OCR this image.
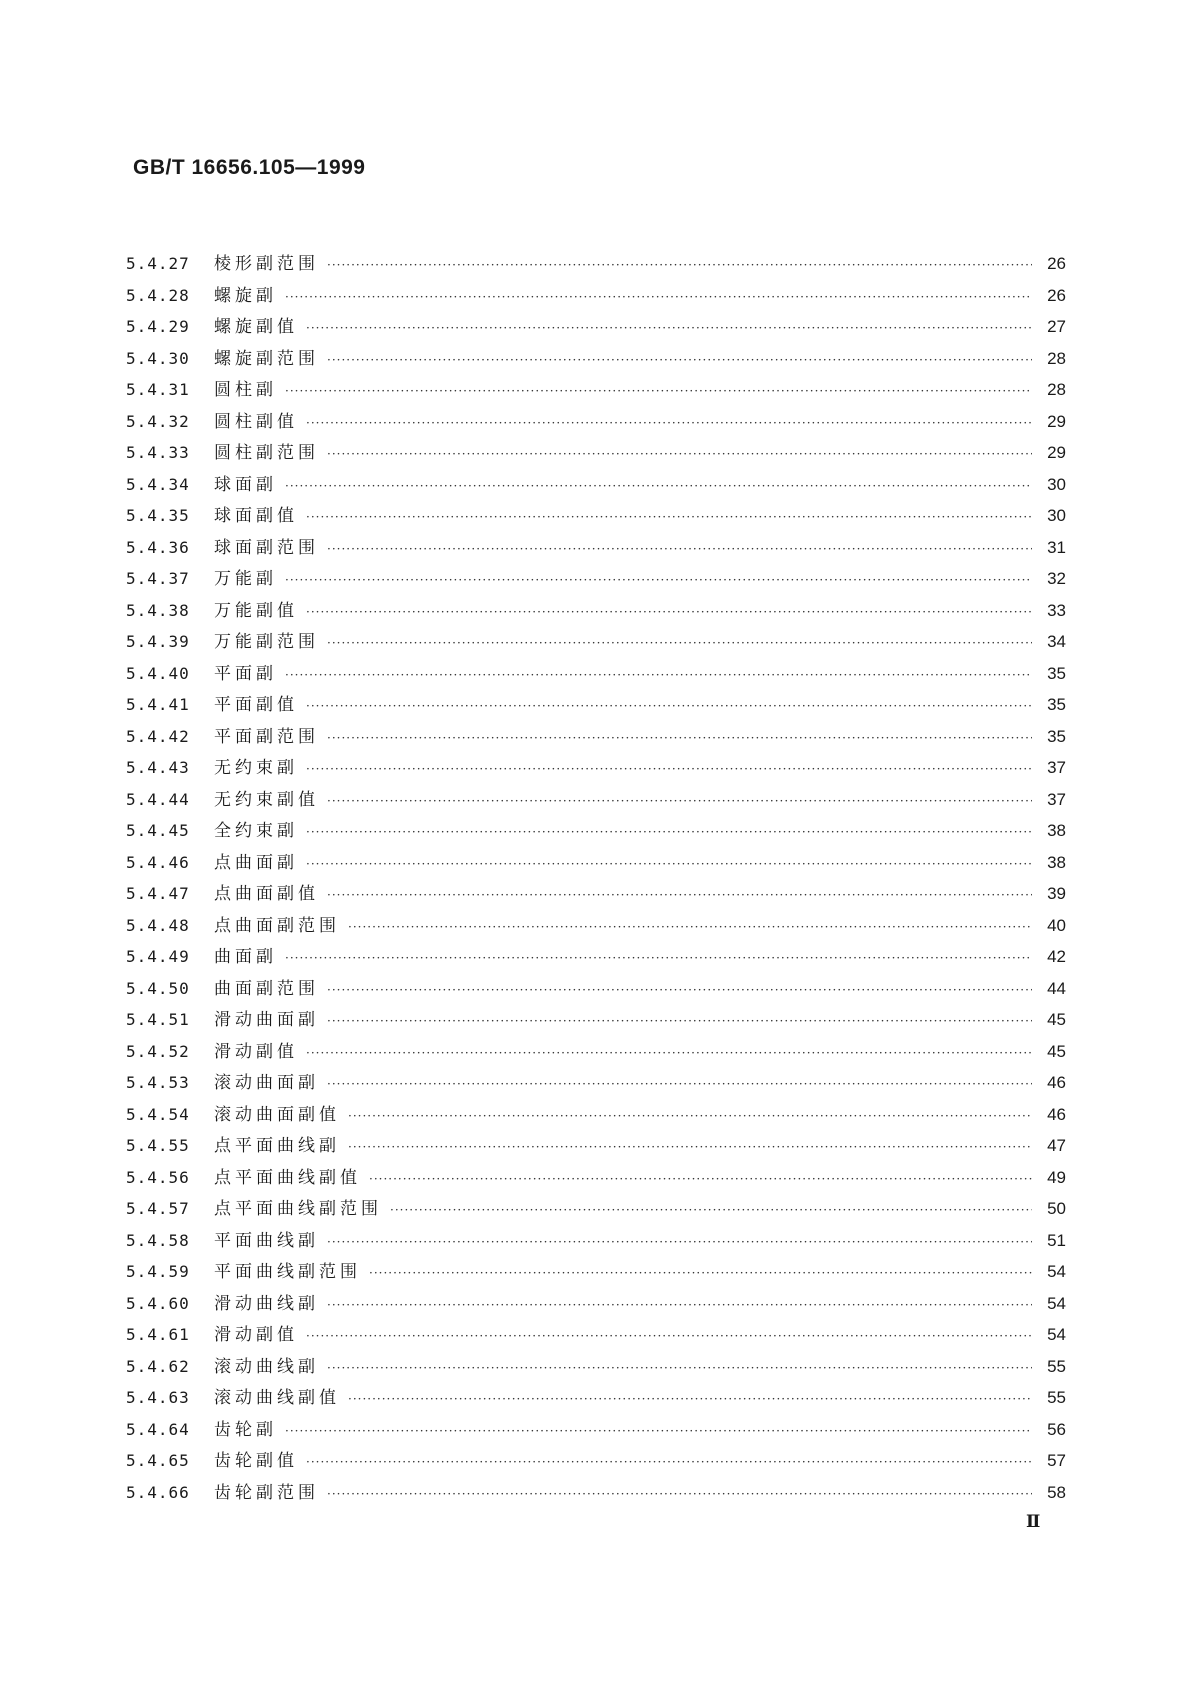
GB/T 16656.105—1999
5.4.27	棱形副范围 ·····	26
5.4.28	螺旋副 ·····	26
5.4.29	螺旋副值 ·····	27
5.4.30	螺旋副范围 ·····	28
5.4.31	圆柱副 ·····	28
5.4.32	圆柱副值 ·····	29
5.4.33	圆柱副范围 ·····	29
5.4.34	球面副 ·····	30
5.4.35	球面副值 ·····	30
5.4.36	球面副范围 ·····	31
5.4.37	万能副 ·····	32
5.4.38	万能副值 ·····	33
5.4.39	万能副范围 ·····	34
5.4.40	平面副 ·····	35
5.4.41	平面副值 ·····	35
5.4.42	平面副范围 ·····	35
5.4.43	无约束副 ·····	37
5.4.44	无约束副值 ·····	37
5.4.45	全约束副 ·····	38
5.4.46	点曲面副 ·····	38
5.4.47	点曲面副值 ·····	39
5.4.48	点曲面副范围 ·····	40
5.4.49	曲面副 ·····	42
5.4.50	曲面副范围 ·····	44
5.4.51	滑动曲面副 ·····	45
5.4.52	滑动副值 ·····	45
5.4.53	滚动曲面副 ·····	46
5.4.54	滚动曲面副值 ·····	46
5.4.55	点平面曲线副 ·····	47
5.4.56	点平面曲线副值 ·····	49
5.4.57	点平面曲线副范围 ·····	50
5.4.58	平面曲线副 ·····	51
5.4.59	平面曲线副范围 ·····	54
5.4.60	滑动曲线副 ·····	54
5.4.61	滑动副值 ·····	54
5.4.62	滚动曲线副 ·····	55
5.4.63	滚动曲线副值 ·····	55
5.4.64	齿轮副 ·····	56
5.4.65	齿轮副值 ·····	57
5.4.66	齿轮副范围 ·····	58
Ⅱ
